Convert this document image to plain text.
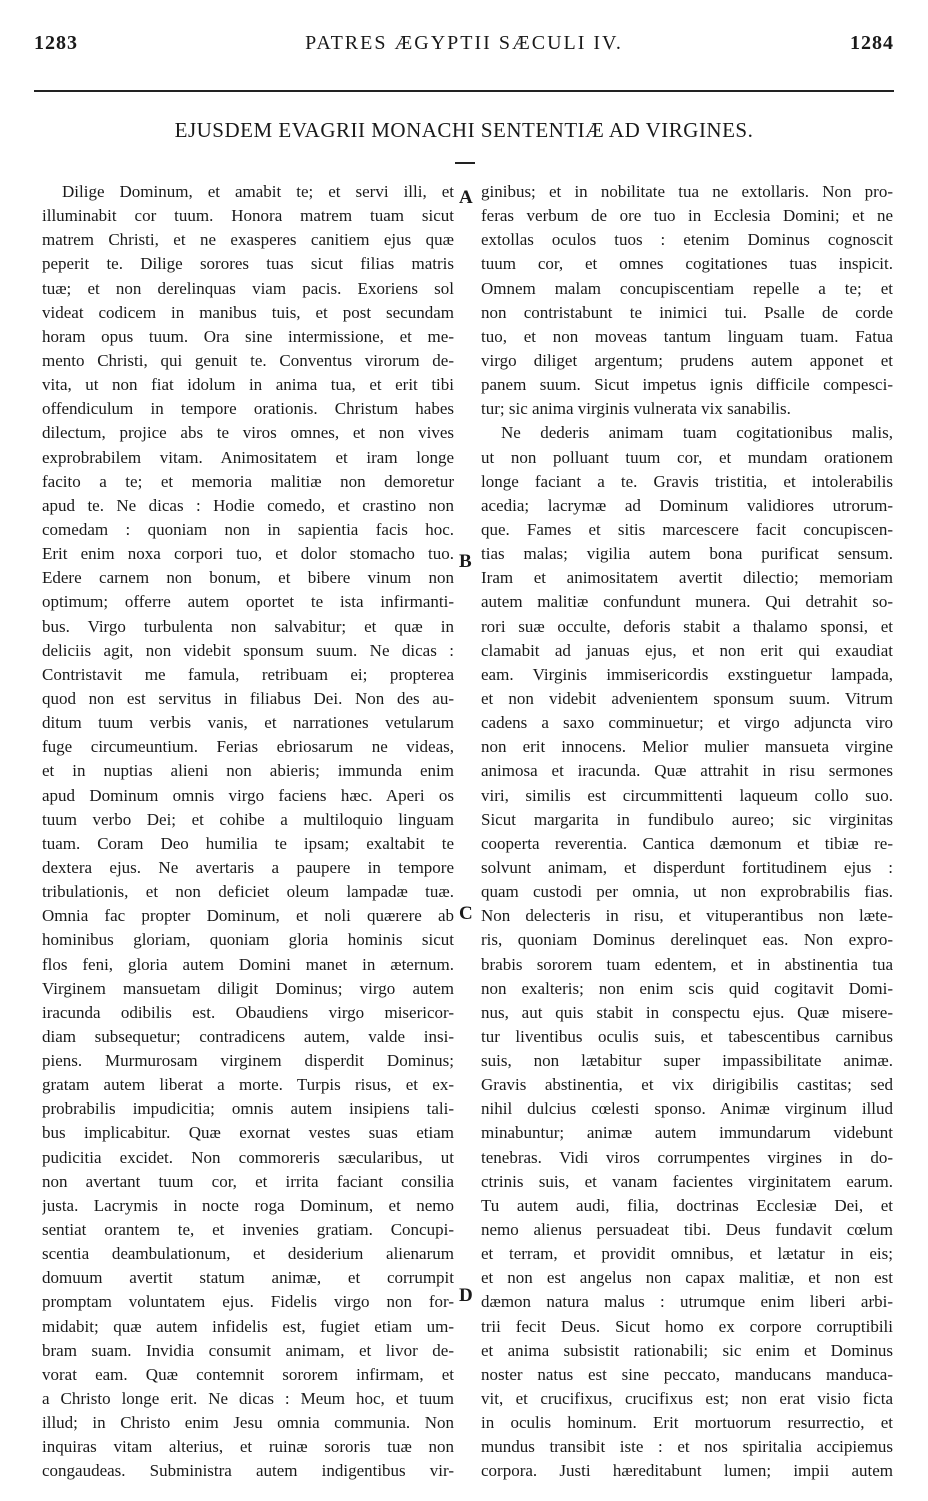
1283	PATRES ÆGYPTII SÆCULI IV.	1284
EJUSDEM EVAGRII MONACHI SENTENTIÆ AD VIRGINES.
Dilige Dominum, et amabit te; et servi illi, et
illuminabit cor tuum. Honora matrem tuam sicut
matrem Christi, et ne exasperes canitiem ejus quæ
peperit te. Dilige sorores tuas sicut filias matris
tuæ; et non derelinquas viam pacis. Exoriens sol
videat codicem in manibus tuis, et post secundam
horam opus tuum. Ora sine intermissione, et me-
mento Christi, qui genuit te. Conventus virorum de-
vita, ut non fiat idolum in anima tua, et erit tibi
offendiculum in tempore orationis. Christum habes
dilectum, projice abs te viros omnes, et non vives
exprobrabilem vitam. Animositatem et iram longe
facito a te; et memoria malitiæ non demoretur
apud te. Ne dicas : Hodie comedo, et crastino non
comedam : quoniam non in sapientia facis hoc.
Erit enim noxa corpori tuo, et dolor stomacho tuo.
Edere carnem non bonum, et bibere vinum non
optimum; offerre autem oportet te ista infirmanti-
bus. Virgo turbulenta non salvabitur; et quæ in
deliciis agit, non videbit sponsum suum. Ne dicas :
Contristavit me famula, retribuam ei; propterea
quod non est servitus in filiabus Dei. Non des au-
ditum tuum verbis vanis, et narrationes vetularum
fuge circumeuntium. Ferias ebriosarum ne videas,
et in nuptias alieni non abieris; immunda enim
apud Dominum omnis virgo faciens hæc. Aperi os
tuum verbo Dei; et cohibe a multiloquio linguam
tuam. Coram Deo humilia te ipsam; exaltabit te
dextera ejus. Ne avertaris a paupere in tempore
tribulationis, et non deficiet oleum lampadæ tuæ.
Omnia fac propter Dominum, et noli quærere ab
hominibus gloriam, quoniam gloria hominis sicut
flos feni, gloria autem Domini manet in æternum.
Virginem mansuetam diligit Dominus; virgo autem
iracunda odibilis est. Obaudiens virgo misericor-
diam subsequetur; contradicens autem, valde insi-
piens. Murmurosam virginem disperdit Dominus;
gratam autem liberat a morte. Turpis risus, et ex-
probrabilis impudicitia; omnis autem insipiens tali-
bus implicabitur. Quæ exornat vestes suas etiam
pudicitia excidet. Non commoreris sæcularibus, ut
non avertant tuum cor, et irrita faciant consilia
justa. Lacrymis in nocte roga Dominum, et nemo
sentiat orantem te, et invenies gratiam. Concupi-
scentia deambulationum, et desiderium alienarum
domuum avertit statum animæ, et corrumpit
promptam voluntatem ejus. Fidelis virgo non for-
midabit; quæ autem infidelis est, fugiet etiam um-
bram suam. Invidia consumit animam, et livor de-
vorat eam. Quæ contemnit sororem infirmam, et
a Christo longe erit. Ne dicas : Meum hoc, et tuum
illud; in Christo enim Jesu omnia communia. Non
inquiras vitam alterius, et ruinæ sororis tuæ non
congaudeas. Subministra autem indigentibus vir-
ginibus; et in nobilitate tua ne extollaris. Non pro-
feras verbum de ore tuo in Ecclesia Domini; et ne
extollas oculos tuos : etenim Dominus cognoscit
tuum cor, et omnes cogitationes tuas inspicit.
Omnem malam concupiscentiam repelle a te; et
non contristabunt te inimici tui. Psalle de corde
tuo, et non moveas tantum linguam tuam. Fatua
virgo diliget argentum; prudens autem apponet et
panem suum. Sicut impetus ignis difficile compesci-
tur; sic anima virginis vulnerata vix sanabilis.
Ne dederis animam tuam cogitationibus malis,
ut non polluant tuum cor, et mundam orationem
longe faciant a te. Gravis tristitia, et intolerabilis
acedia; lacrymæ ad Dominum validiores utrorum-
que. Fames et sitis marcescere facit concupiscen-
tias malas; vigilia autem bona purificat sensum.
Iram et animositatem avertit dilectio; memoriam
autem malitiæ confundunt munera. Qui detrahit so-
rori suæ occulte, deforis stabit a thalamo sponsi, et
clamabit ad januas ejus, et non erit qui exaudiat
eam. Virginis immisericordis exstinguetur lampada,
et non videbit advenientem sponsum suum. Vitrum
cadens a saxo comminuetur; et virgo adjuncta viro
non erit innocens. Melior mulier mansueta virgine
animosa et iracunda. Quæ attrahit in risu sermones
viri, similis est circummittenti laqueum collo suo.
Sicut margarita in fundibulo aureo; sic virginitas
cooperta reverentia. Cantica dæmonum et tibiæ re-
solvunt animam, et disperdunt fortitudinem ejus :
quam custodi per omnia, ut non exprobrabilis fias.
Non delecteris in risu, et vituperantibus non læte-
ris, quoniam Dominus derelinquet eas. Non expro-
brabis sororem tuam edentem, et in abstinentia tua
non exalteris; non enim scis quid cogitavit Domi-
nus, aut quis stabit in conspectu ejus. Quæ misere-
tur liventibus oculis suis, et tabescentibus carnibus
suis, non lætabitur super impassibilitate animæ.
Gravis abstinentia, et vix dirigibilis castitas; sed
nihil dulcius cœlesti sponso. Animæ virginum illud
minabuntur; animæ autem immundarum videbunt
tenebras. Vidi viros corrumpentes virgines in do-
ctrinis suis, et vanam facientes virginitatem earum.
Tu autem audi, filia, doctrinas Ecclesiæ Dei, et
nemo alienus persuadeat tibi. Deus fundavit cœlum
et terram, et providit omnibus, et lætatur in eis;
et non est angelus non capax malitiæ, et non est
dæmon natura malus : utrumque enim liberi arbi-
trii fecit Deus. Sicut homo ex corpore corruptibili
et anima subsistit rationabili; sic enim et Dominus
noster natus est sine peccato, manducans manduca-
vit, et crucifixus, crucifixus est; non erat visio ficta
in oculis hominum. Erit mortuorum resurrectio, et
mundus transibit iste : et nos spiritalia accipiemus
corpora. Justi hæreditabunt lumen; impii autem
A
B
C
D
